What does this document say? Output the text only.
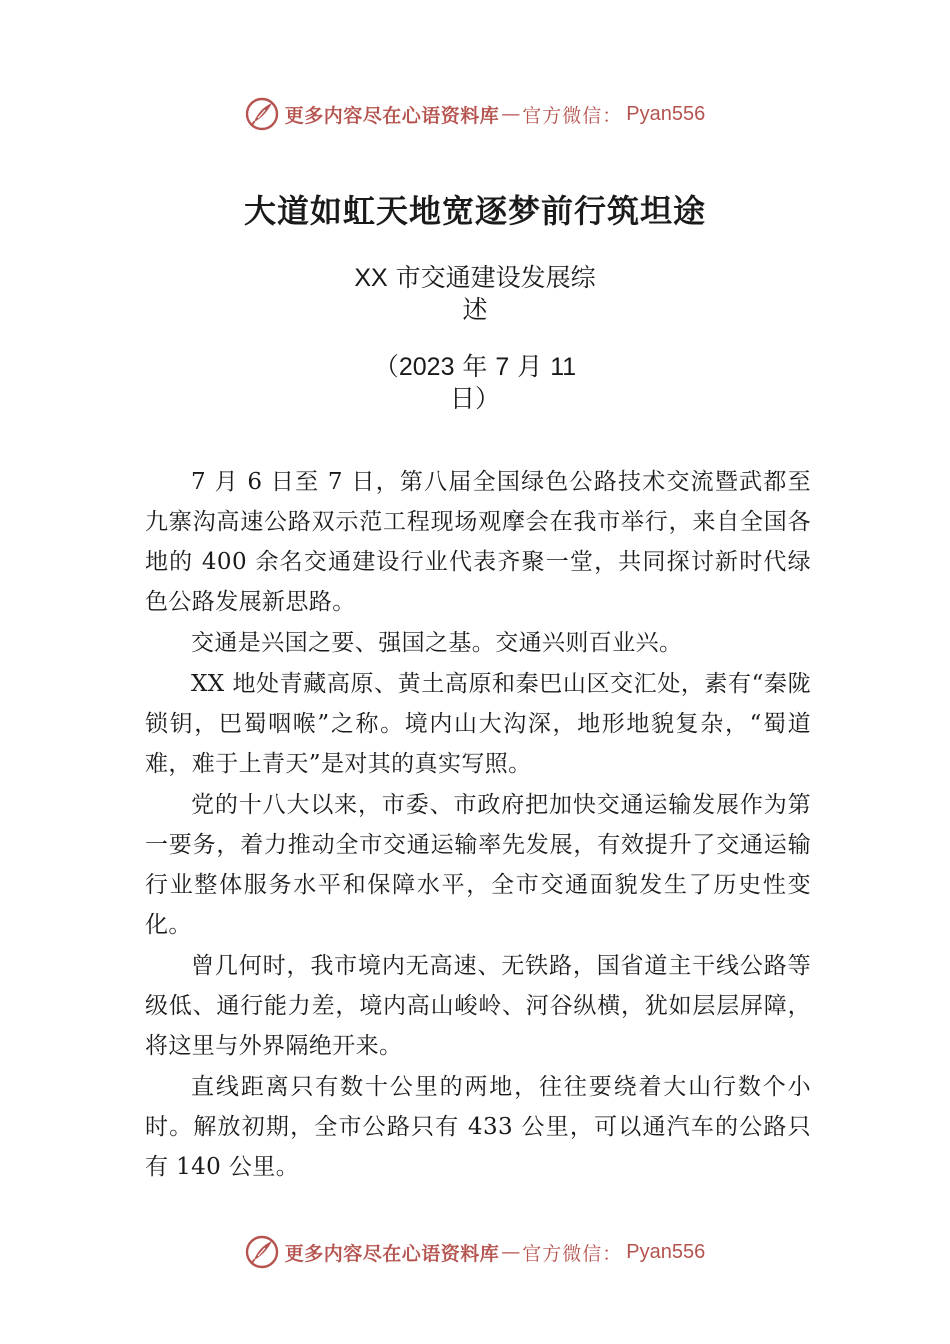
更多内容尽在心语资料库 — 官方微信： Pyan556
大道如虹天地宽逐梦前行筑坦途
XX 市交通建设发展综
述
（2023 年 7 月 11
日）

7 月 6 日至 7 日，第八届全国绿色公路技术交流暨武都至九寨沟高速公路双示范工程现场观摩会在我市举行，来自全国各地的 400 余名交通建设行业代表齐聚一堂，共同探讨新时代绿色公路发展新思路。

交通是兴国之要、强国之基。交通兴则百业兴。

XX 地处青藏高原、黄土高原和秦巴山区交汇处，素有“秦陇锁钥，巴蜀咽喉”之称。境内山大沟深，地形地貌复杂，“蜀道难，难于上青天”是对其的真实写照。

党的十八大以来，市委、市政府把加快交通运输发展作为第一要务，着力推动全市交通运输率先发展，有效提升了交通运输行业整体服务水平和保障水平，全市交通面貌发生了历史性变化。

曾几何时，我市境内无高速、无铁路，国省道主干线公路等级低、通行能力差，境内高山峻岭、河谷纵横，犹如层层屏障，将这里与外界隔绝开来。

直线距离只有数十公里的两地，往往要绕着大山行数个小时。解放初期，全市公路只有 433 公里，可以通汽车的公路只有 140 公里。

更多内容尽在心语资料库 — 官方微信： Pyan556
